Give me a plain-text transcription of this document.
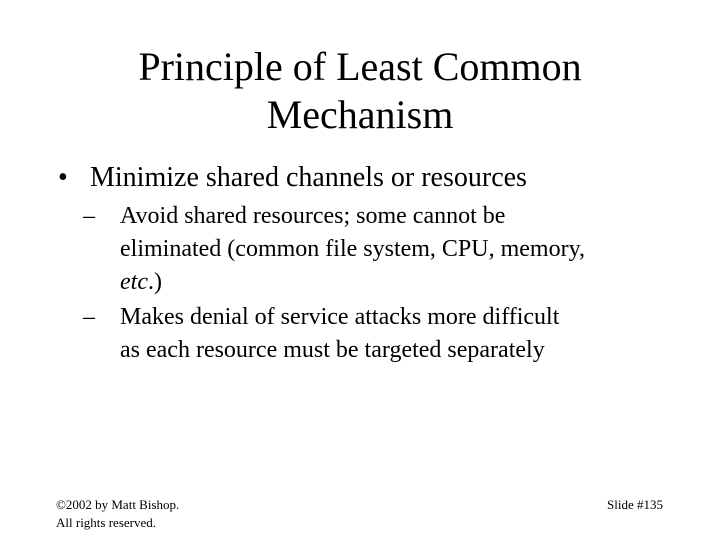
Principle of Least Common
Mechanism

• Minimize shared channels or resources

– Avoid shared resources; some cannot be
eliminated (common file system, CPU, memory,
etc.)

– Makes denial of service attacks more difficult
as each resource must be targeted separately

©2002 by Matt Bishop.
All rights reserved.
Slide #135
